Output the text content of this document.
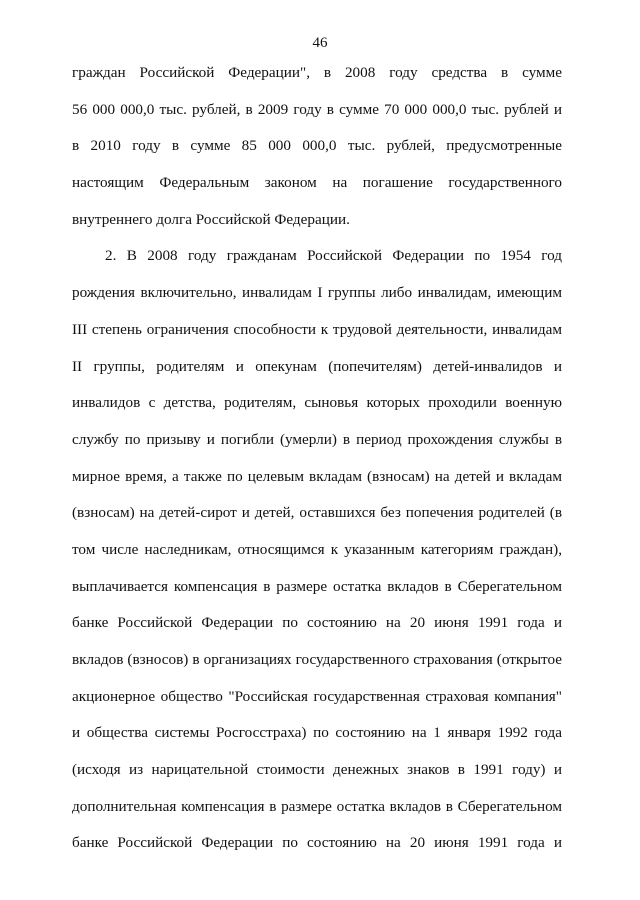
46
граждан Российской Федерации", в 2008 году средства в сумме
56 000 000,0 тыс. рублей, в 2009 году в сумме 70 000 000,0 тыс. рублей и
в 2010 году в сумме 85 000 000,0 тыс. рублей, предусмотренные
настоящим Федеральным законом на погашение государственного
внутреннего долга Российской Федерации.
2. В 2008 году гражданам Российской Федерации по 1954 год
рождения включительно, инвалидам I группы либо инвалидам, имеющим
III степень ограничения способности к трудовой деятельности, инвалидам
II группы, родителям и опекунам (попечителям) детей-инвалидов и
инвалидов с детства, родителям, сыновья которых проходили военную
службу по призыву и погибли (умерли) в период прохождения службы в
мирное время, а также по целевым вкладам (взносам) на детей и вкладам
(взносам) на детей-сирот и детей, оставшихся без попечения родителей (в
том числе наследникам, относящимся к указанным категориям граждан),
выплачивается компенсация в размере остатка вкладов в Сберегательном
банке Российской Федерации по состоянию на 20 июня 1991 года и
вкладов (взносов) в организациях государственного страхования (открытое
акционерное общество "Российская государственная страховая компания"
и общества системы Росгосстраха) по состоянию на 1 января 1992 года
(исходя из нарицательной стоимости денежных знаков в 1991 году) и
дополнительная компенсация в размере остатка вкладов в Сберегательном
банке Российской Федерации по состоянию на 20 июня 1991 года и
